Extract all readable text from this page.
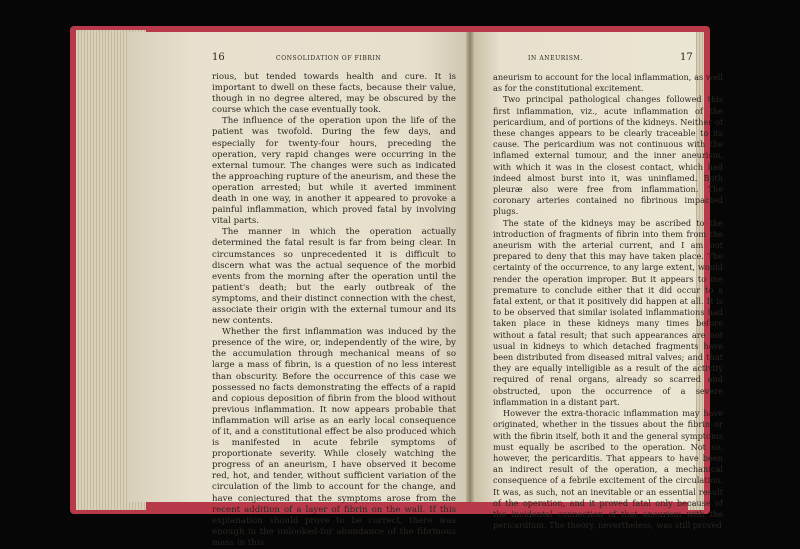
16	CONSOLIDATION OF FIBRIN

rious, but tended towards health and cure. It is important to dwell on these facts, because their value, though in no degree altered, may be obscured by the course which the case eventually took.

The influence of the operation upon the life of the patient was twofold. During the few days, and especially for twenty-four hours, preceding the operation, very rapid changes were occurring in the external tumour. The changes were such as indicated the approaching rupture of the aneurism, and these the operation arrested; but while it averted imminent death in one way, in another it appeared to provoke a painful inflammation, which proved fatal by involving vital parts.

The manner in which the operation actually determined the fatal result is far from being clear. In circumstances so unprecedented it is difficult to discern what was the actual sequence of the morbid events from the morning after the operation until the patient's death; but the early outbreak of the symptoms, and their distinct connection with the chest, associate their origin with the external tumour and its new contents.

Whether the first inflammation was induced by the presence of the wire, or, independently of the wire, by the accumulation through mechanical means of so large a mass of fibrin, is a question of no less interest than obscurity. Before the occurrence of this case we possessed no facts demonstrating the effects of a rapid and copious deposition of fibrin from the blood without previous inflammation. It now appears probable that inflammation will arise as an early local consequence of it, and a constitutional effect be also produced which is manifested in acute febrile symptoms of proportionate severity. While closely watching the progress of an aneurism, I have observed it become red, hot, and tender, without sufficient variation of the circulation of the limb to account for the change, and have conjectured that the symptoms arose from the recent addition of a layer of fibrin on the wall. If this explanation should prove to be correct, there was enough in the unlooked-for abundance of the fibrinous mass in this

IN ANEURISM.	17

aneurism to account for the local inflammation, as well as for the constitutional excitement.

Two principal pathological changes followed this first inflammation, viz., acute inflammation of the pericardium, and of portions of the kidneys. Neither of these changes appears to be clearly traceable to its cause. The pericardium was not continuous with the inflamed external tumour, and the inner aneurism, with which it was in the closest contact, which had indeed almost burst into it, was uninflamed. Both pleuræ also were free from inflammation. The coronary arteries contained no fibrinous impacted plugs.

The state of the kidneys may be ascribed to the introduction of fragments of fibrin into them from the aneurism with the arterial current, and I am not prepared to deny that this may have taken place. The certainty of the occurrence, to any large extent, would render the operation improper. But it appears to me premature to conclude either that it did occur to a fatal extent, or that it positively did happen at all. It is to be observed that similar isolated inflammations had taken place in these kidneys many times before without a fatal result; that such appearances are not usual in kidneys to which detached fragments have been distributed from diseased mitral valves; and that they are equally intelligible as a result of the activity required of renal organs, already so scarred and obstructed, upon the occurrence of a severe inflammation in a distant part.

However the extra-thoracic inflammation may have originated, whether in the tissues about the fibrin or with the fibrin itself, both it and the general symptoms must equally be ascribed to the operation. Not so, however, the pericarditis. That appears to have been an indirect result of the operation, a mechanical consequence of a febrile excitement of the circulation. It was, as such, not an inevitable or an essential result of the operation, and it proved fatal only because of the incidental connection of that aneurism with the pericardium. The theory, nevertheless, was still proved
